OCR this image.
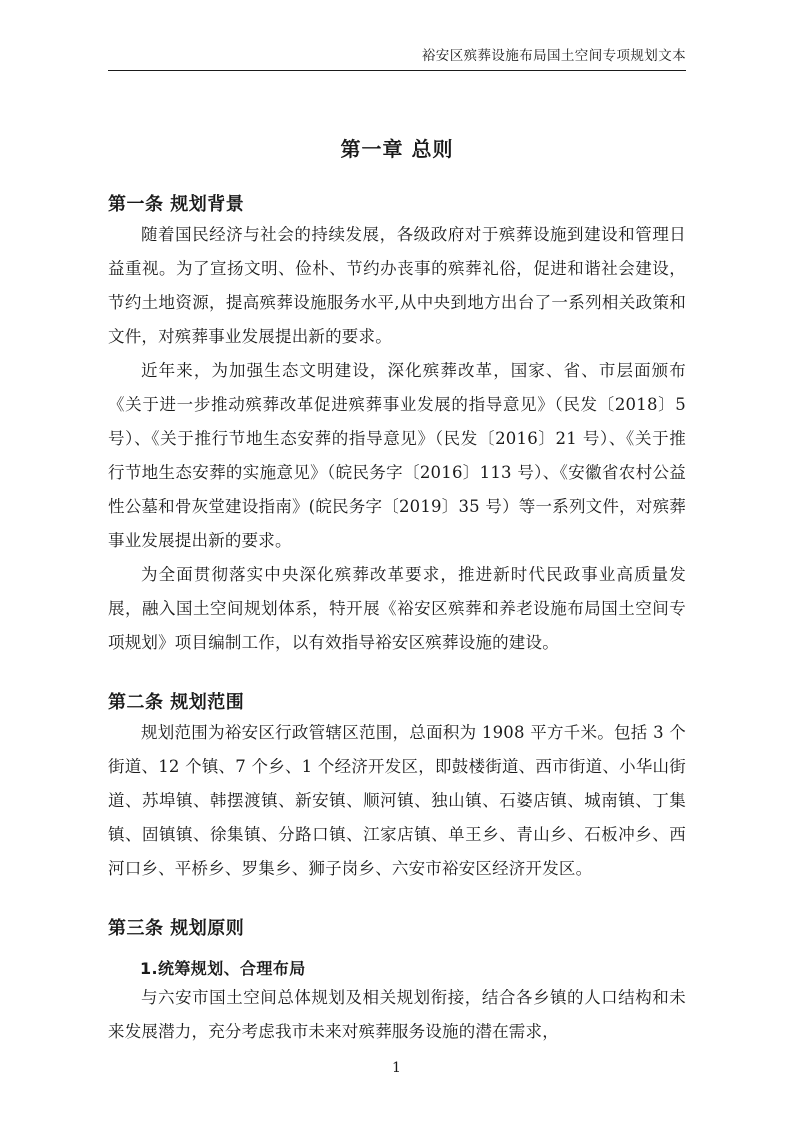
裕安区殡葬设施布局国土空间专项规划文本
第一章 总则
第一条 规划背景

随着国民经济与社会的持续发展，各级政府对于殡葬设施到建设和管理日益重视。为了宣扬文明、俭朴、节约办丧事的殡葬礼俗，促进和谐社会建设，节约土地资源，提高殡葬设施服务水平,从中央到地方出台了一系列相关政策和文件，对殡葬事业发展提出新的要求。

近年来，为加强生态文明建设，深化殡葬改革，国家、省、市层面颁布《关于进一步推动殡葬改革促进殡葬事业发展的指导意见》（民发〔2018〕5 号）、《关于推行节地生态安葬的指导意见》（民发〔2016〕21 号）、《关于推行节地生态安葬的实施意见》（皖民务字〔2016〕113 号）、《安徽省农村公益性公墓和骨灰堂建设指南》(皖民务字〔2019〕35 号）等一系列文件，对殡葬事业发展提出新的要求。

为全面贯彻落实中央深化殡葬改革要求，推进新时代民政事业高质量发展，融入国土空间规划体系，特开展《裕安区殡葬和养老设施布局国土空间专项规划》项目编制工作，以有效指导裕安区殡葬设施的建设。

第二条 规划范围

规划范围为裕安区行政管辖区范围，总面积为 1908 平方千米。包括 3 个街道、12 个镇、7 个乡、1 个经济开发区，即鼓楼街道、西市街道、小华山街道、苏埠镇、韩摆渡镇、新安镇、顺河镇、独山镇、石婆店镇、城南镇、丁集镇、固镇镇、徐集镇、分路口镇、江家店镇、单王乡、青山乡、石板冲乡、西河口乡、平桥乡、罗集乡、狮子岗乡、六安市裕安区经济开发区。

第三条 规划原则
1.统筹规划、合理布局

与六安市国土空间总体规划及相关规划衔接，结合各乡镇的人口结构和未来发展潜力，充分考虑我市未来对殡葬服务设施的潜在需求，

1
